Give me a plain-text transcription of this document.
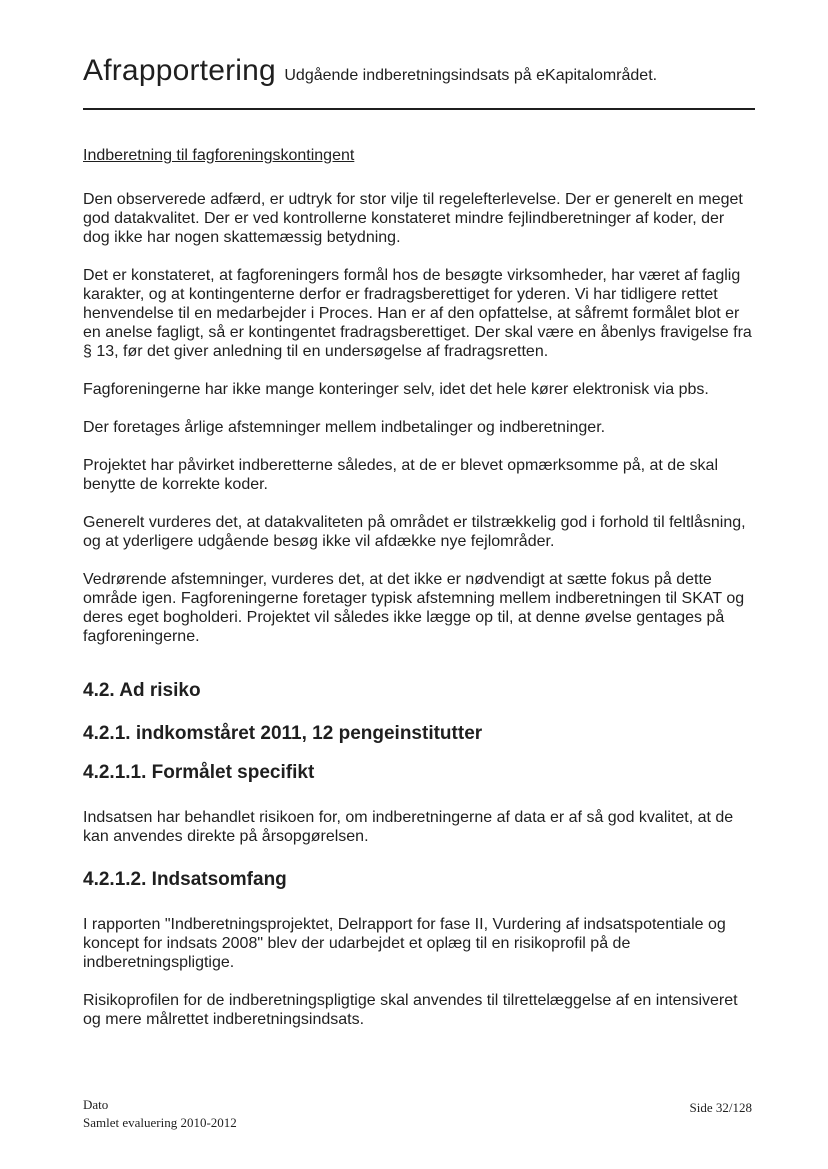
Afrapportering Udgående indberetningsindsats på eKapitalområdet.
Indberetning til fagforeningskontingent

Den observerede adfærd, er udtryk for stor vilje til regelefterlevelse. Der er generelt en meget god datakvalitet. Der er ved kontrollerne konstateret mindre fejlindberetninger af koder, der dog ikke har nogen skattemæssig betydning.

Det er konstateret, at fagforeningers formål hos de besøgte virksomheder, har været af faglig karakter, og at kontingenterne derfor er fradragsberettiget for yderen. Vi har tidligere rettet henvendelse til en medarbejder i Proces. Han er af den opfattelse, at såfremt formålet blot er en anelse fagligt, så er kontingentet fradragsberettiget. Der skal være en åbenlys fravigelse fra § 13, før det giver anledning til en undersøgelse af fradragsretten.

Fagforeningerne har ikke mange konteringer selv, idet det hele kører elektronisk via pbs.

Der foretages årlige afstemninger mellem indbetalinger og indberetninger.

Projektet har påvirket indberetterne således, at de er blevet opmærksomme på, at de skal benytte de korrekte koder.

Generelt vurderes det, at datakvaliteten på området er tilstrækkelig god i forhold til feltlåsning, og at yderligere udgående besøg ikke vil afdække nye fejlområder.

Vedrørende afstemninger, vurderes det, at det ikke er nødvendigt at sætte fokus på dette område igen. Fagforeningerne foretager typisk afstemning mellem indberetningen til SKAT og deres eget bogholderi. Projektet vil således ikke lægge op til, at denne øvelse gentages på fagforeningerne.

4.2. Ad risiko
4.2.1. indkomståret 2011, 12 pengeinstitutter
4.2.1.1. Formålet specifikt

Indsatsen har behandlet risikoen for, om indberetningerne af data er af så god kvalitet, at de kan anvendes direkte på årsopgørelsen.

4.2.1.2. Indsatsomfang

I rapporten "Indberetningsprojektet, Delrapport for fase II, Vurdering af indsatspotentiale og koncept for indsats 2008" blev der udarbejdet et oplæg til en risikoprofil på de indberetningspligtige.

Risikoprofilen for de indberetningspligtige skal anvendes til tilrettelæggelse af en intensiveret og mere målrettet indberetningsindsats.

Dato
Samlet evaluering 2010-2012
Side 32/128
